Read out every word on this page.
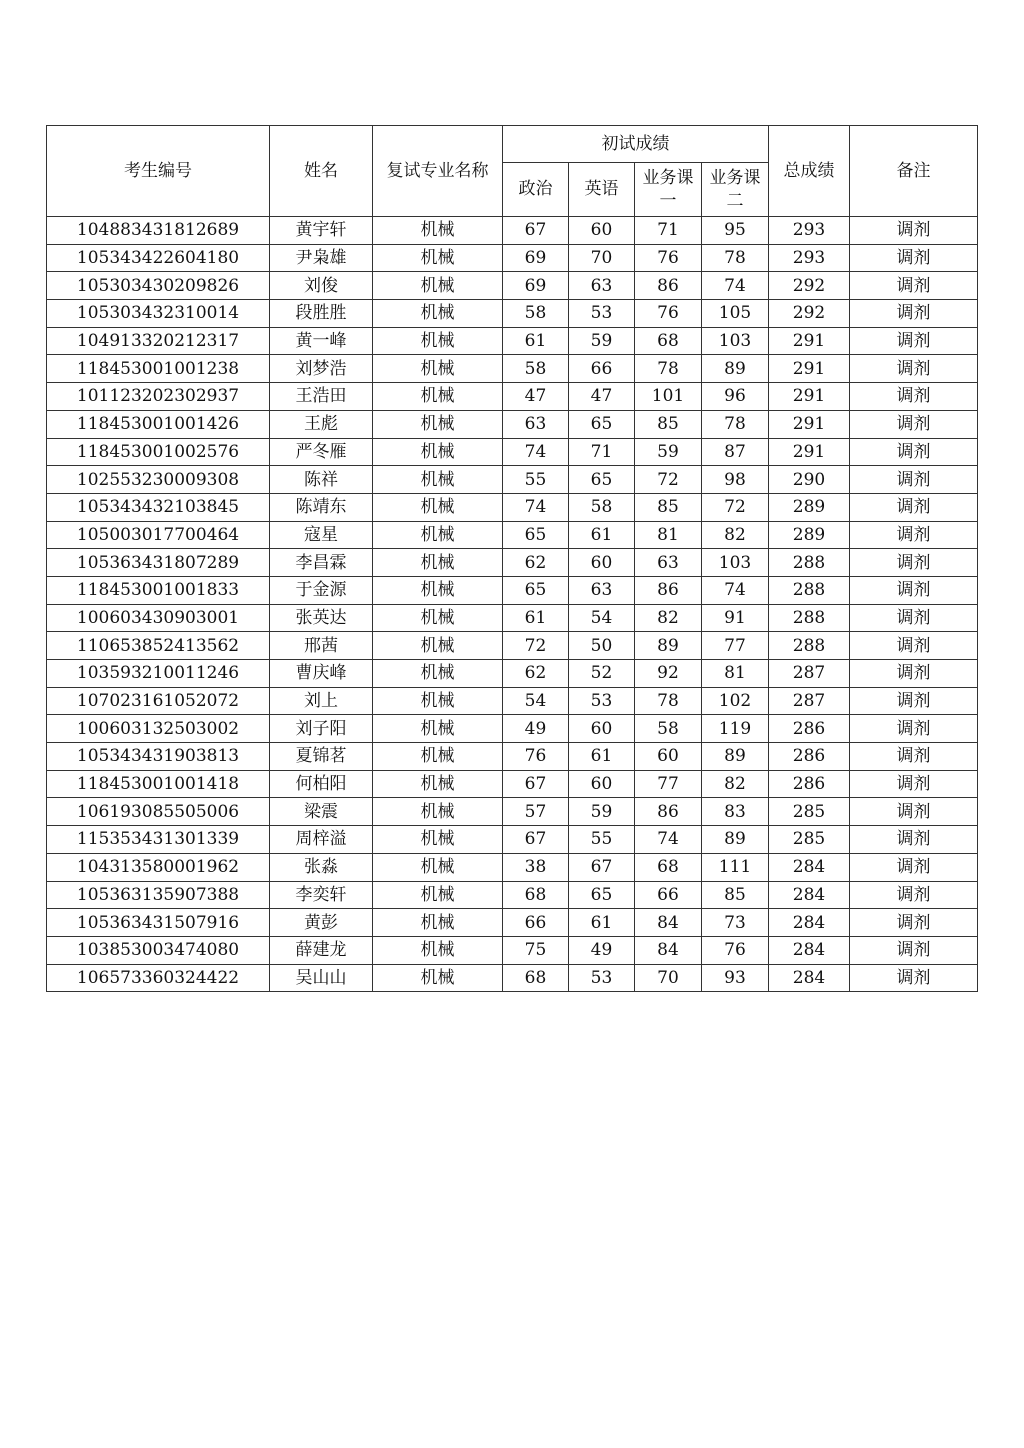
考生编号	姓名	复试专业名称	初试成绩				总成绩	备注
			政治	英语	业务课一	业务课二		
104883431812689	黄宇轩	机械	67	60	71	95	293	调剂
105343422604180	尹枭雄	机械	69	70	76	78	293	调剂
105303430209826	刘俊	机械	69	63	86	74	292	调剂
105303432310014	段胜胜	机械	58	53	76	105	292	调剂
104913320212317	黄一峰	机械	61	59	68	103	291	调剂
118453001001238	刘梦浩	机械	58	66	78	89	291	调剂
101123202302937	王浩田	机械	47	47	101	96	291	调剂
118453001001426	王彪	机械	63	65	85	78	291	调剂
118453001002576	严冬雁	机械	74	71	59	87	291	调剂
102553230009308	陈祥	机械	55	65	72	98	290	调剂
105343432103845	陈靖东	机械	74	58	85	72	289	调剂
105003017700464	寇星	机械	65	61	81	82	289	调剂
105363431807289	李昌霖	机械	62	60	63	103	288	调剂
118453001001833	于金源	机械	65	63	86	74	288	调剂
100603430903001	张英达	机械	61	54	82	91	288	调剂
110653852413562	邢茜	机械	72	50	89	77	288	调剂
103593210011246	曹庆峰	机械	62	52	92	81	287	调剂
107023161052072	刘上	机械	54	53	78	102	287	调剂
100603132503002	刘子阳	机械	49	60	58	119	286	调剂
105343431903813	夏锦茗	机械	76	61	60	89	286	调剂
118453001001418	何柏阳	机械	67	60	77	82	286	调剂
106193085505006	梁震	机械	57	59	86	83	285	调剂
115353431301339	周梓溢	机械	67	55	74	89	285	调剂
104313580001962	张淼	机械	38	67	68	111	284	调剂
105363135907388	李奕轩	机械	68	65	66	85	284	调剂
105363431507916	黄彭	机械	66	61	84	73	284	调剂
103853003474080	薛建龙	机械	75	49	84	76	284	调剂
106573360324422	吴山山	机械	68	53	70	93	284	调剂
